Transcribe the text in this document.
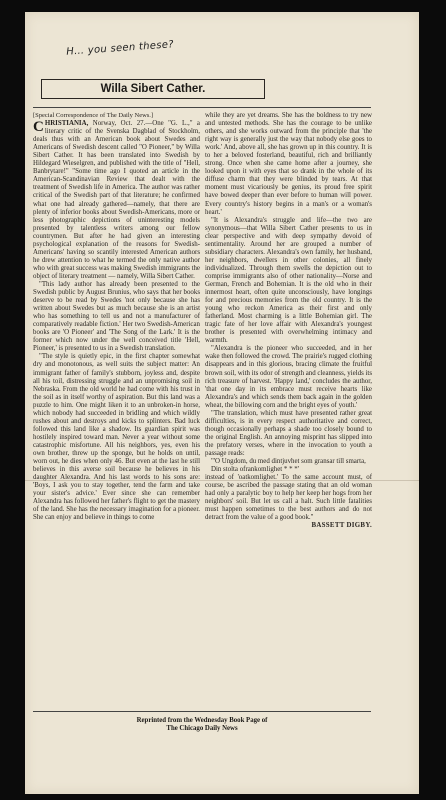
H… you seen these?
Willa Sibert Cather.

[Special Correspondence of The Daily News.]

CHRISTIANIA, Norway, Oct. 27.—One "G. L.," a literary critic of the Svenska Dagblad of Stockholm, deals thus with an American book about Swedes and Americans of Swedish descent called "O Pioneer," by Willa Sibert Cather. It has been translated into Swedish by Hildegard Wieselgren, and published with the title of "Hell, Banbrytare!" "Some time ago I quoted an article in the American-Scandinavian Review that dealt with the treatment of Swedish life in America. The author was rather critical of the Swedish part of that literature; he confirmed what one had already gathered—namely, that there are plenty of inferior books about Swedish-Americans, more or less photographic depictions of uninteresting models presented by talentless writers among our fellow countrymen. But after he had given an interesting psychological explanation of the reasons for Swedish-Americans' having so scantily interested American authors he drew attention to what he termed the only native author who with great success was making Swedish immigrants the object of literary treatment — namely, Willa Sibert Cather.

"This lady author has already been presented to the Swedish public by August Brunius, who says that her books deserve to be read by Swedes 'not only because she has written about Swedes but as much because she is an artist who has something to tell us and not a manufacturer of comparatively readable fiction.' Her two Swedish-American books are 'O Pioneer' and 'The Song of the Lark.' It is the former which now under the well conceived title 'Hell, Pioneer,' is presented to us in a Swedish translation.

"The style is quietly epic, in the first chapter somewhat dry and monotonous, as well suits the subject matter: An immigrant father of family's stubborn, joyless and, despite all his toil, distressing struggle and an unpromising soil in Nebraska. From the old world he had come with his trust in the soil as in itself worthy of aspiration. But this land was a puzzle to him. One might liken it to an unbroken-in horse, which nobody had succeeded in bridling and which wildly rushes about and destroys and kicks to splinters. Bad luck followed this land like a shadow. Its guardian spirit was hostilely inspired toward man. Never a year without some catastrophic misfortune. All his neighbors, yes, even his own brother, threw up the sponge, but he holds on until, worn out, he dies when only 46. But even at the last he still believes in this averse soil because he believes in his daughter Alexandra. And his last words to his sons are: 'Boys, I ask you to stay together, tend the farm and take your sister's advice.' Ever since she can remember Alexandra has followed her father's flight to get the mastery of the land. She has the necessary imagination for a pioneer. She can enjoy and believe in things to come

while they are yet dreams. She has the boldness to try new and untested methods. She has the courage to be unlike others, and she works outward from the principle that 'the right way is generally just the way that nobody else goes to work.' And, above all, she has grown up in this country. It is to her a beloved fosterland, beautiful, rich and brilliantly strong. Once when she came home after a journey, she looked upon it with eyes that so drank in the whole of its diffuse charm that they were blinded by tears. At that moment must vicariously be genius, its proud free spirit have bowed deeper than ever before to human will power. Every country's history begins in a man's or a woman's heart.'

"It is Alexandra's struggle and life—the two are synonymous—that Willa Sibert Cather presents to us in clear perspective and with deep sympathy devoid of sentimentality. Around her are grouped a number of subsidiary characters. Alexandra's own family, her husband, her neighbors, dwellers in other colonies, all finely individualized. Through them swells the depiction out to comprise immigrants also of other nationality—Norse and German, French and Bohemian. It is the old who in their innermost heart, often quite unconsciously, have longings for and precious memories from the old country. It is the young who reckon America as their first and only fatherland. Most charming is a little Bohemian girl. The tragic fate of her love affair with Alexandra's youngest brother is presented with overwhelming intimacy and warmth.

"Alexandra is the pioneer who succeeded, and in her wake then followed the crowd. The prairie's rugged clothing disappears and in this glorious, bracing climate the fruitful brown soil, with its odor of strength and cleanness, yields its rich treasure of harvest. 'Happy land,' concludes the author, 'that one day in its embrace must receive hearts like Alexandra's and which sends them back again in the golden wheat, the billowing corn and the bright eyes of youth.'

"The translation, which must have presented rather great difficulties, is in every respect authoritative and correct, though occasionally perhaps a shade too closely bound to the original English. An annoying misprint has slipped into the prefatory verses, where in the invocation to youth a passage reads:

"'O Ungdom, du med dintjuvhet som gransar till smarta,

Din stolta ofrankomlighet * * *'

instead of 'oatkomlighet.' To the same account must, of course, be ascribed the passage stating that an old woman had only a paralytic boy to help her keep her hogs from her neighbors' soil. But let us call a halt. Such little fatalities must happen sometimes to the best authors and do not detract from the value of a good book."

BASSETT DIGBY.

Reprinted from the Wednesday Book Page of
The Chicago Daily News
